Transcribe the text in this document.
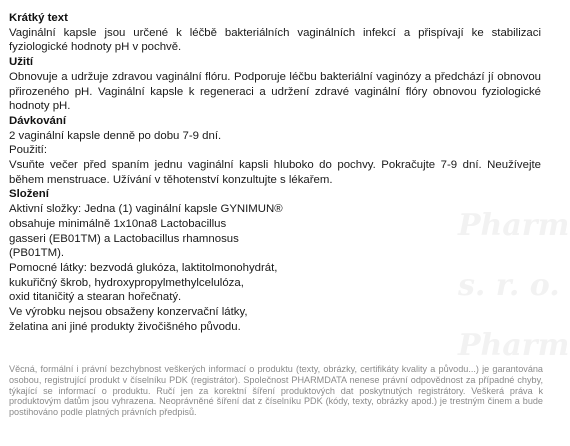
Pharm
s. r. o.
Pharm

Krátký text

Vaginální kapsle jsou určené k léčbě bakteriálních vaginálních infekcí a přispívají ke stabilizaci fyziologické hodnoty pH v pochvě.

Užití

Obnovuje a udržuje zdravou vaginální flóru. Podporuje léčbu bakteriální vaginózy a předchází jí obnovou přirozeného pH. Vaginální kapsle k regeneraci a udržení zdravé vaginální flóry obnovou fyziologické hodnoty pH.

Dávkování

2 vaginální kapsle denně po dobu 7-9 dní.

Použití:

Vsuňte večer před spaním jednu vaginální kapsli hluboko do pochvy. Pokračujte 7-9 dní. Neužívejte během menstruace. Užívání v těhotenství konzultujte s lékařem.

Složení

Aktivní složky: Jedna (1) vaginální kapsle GYNIMUN®
obsahuje minimálně 1x10na8 Lactobacillus
gasseri (EB01TM) a Lactobacillus rhamnosus
(PB01TM).
Pomocné látky: bezvodá glukóza, laktitolmonohydrát,
kukuřičný škrob, hydroxypropylmethylcelulóza,
oxid titaničitý a stearan hořečnatý.
Ve výrobku nejsou obsaženy konzervační látky,
želatina ani jiné produkty živočišného původu.

Věcná, formální i právní bezchybnost veškerých informací o produktu (texty, obrázky, certifikáty kvality a původu...) je garantována osobou, registrující produkt v číselníku PDK (registrátor). Společnost PHARMDATA nenese právní odpovědnost za případné chyby, týkající se informací o produktu. Ručí jen za korektní šíření produktových dat poskytnutých registrátory. Veškerá práva k produktovým datům jsou vyhrazena. Neoprávněné šíření dat z číselníku PDK (kódy, texty, obrázky apod.) je trestným činem a bude postihováno podle platných právních předpisů.
